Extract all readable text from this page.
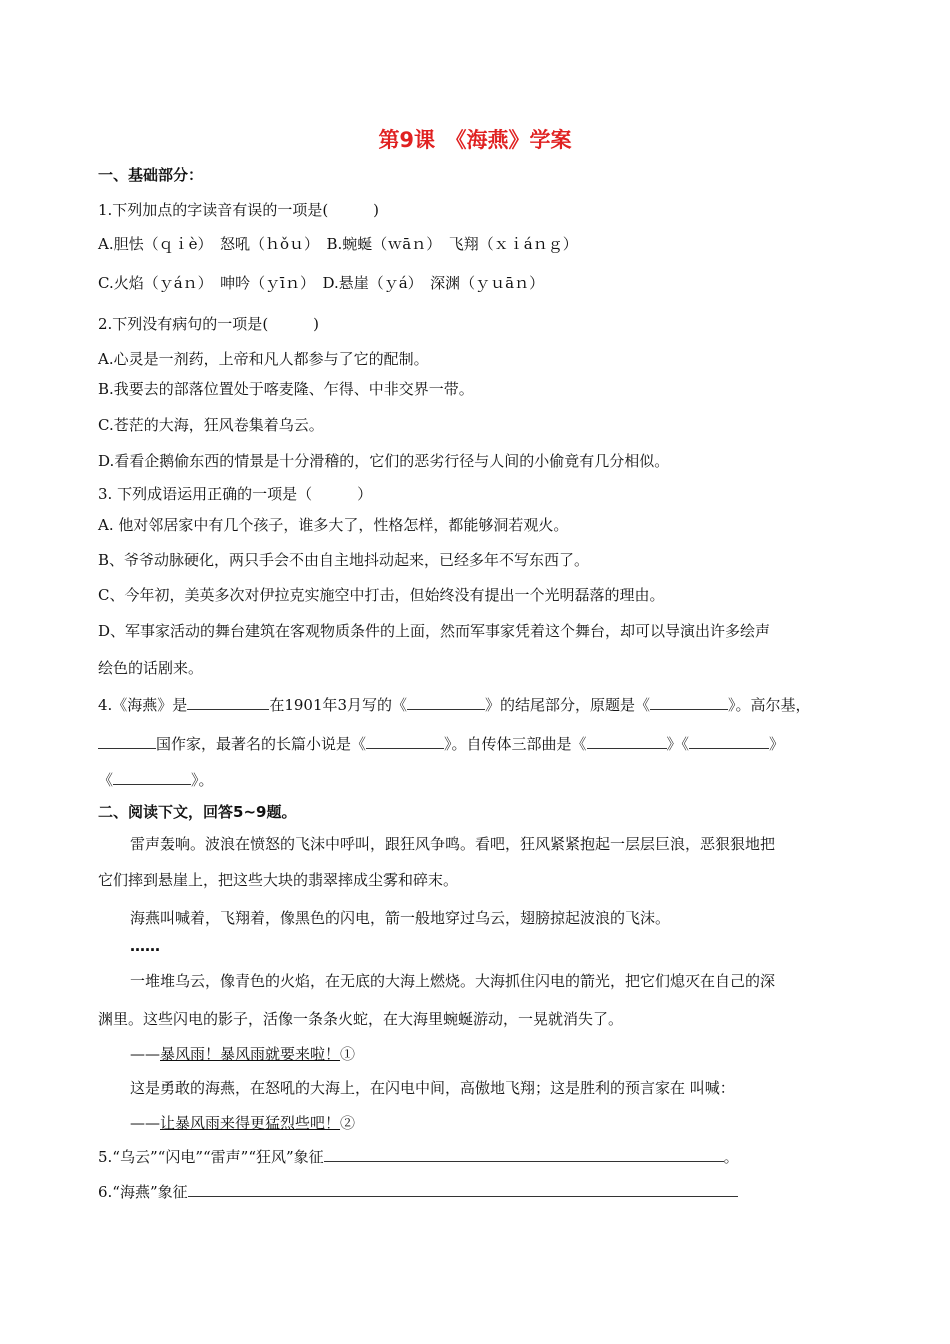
第9课　《海燕》学案
一、基础部分：
1.下列加点的字读音有误的一项是(　　　)
A.胆怯（ｑｉè）　怒吼（ｈǒｕ）　B.蜿蜒（ｗāｎ）　飞翔（ｘｉáｎｇ）
C.火焰（ｙáｎ）　呻吟（ｙīｎ）　D.悬崖（ｙá）　深渊（ｙｕāｎ）
2.下列没有病句的一项是(　　　)
A.心灵是一剂药，上帝和凡人都参与了它的配制。
B.我要去的部落位置处于喀麦隆、乍得、中非交界一带。
C.苍茫的大海，狂风卷集着乌云。
D.看看企鹅偷东西的情景是十分滑稽的，它们的恶劣行径与人间的小偷竟有几分相似。
3. 下列成语运用正确的一项是（　　　）
A. 他对邻居家中有几个孩子，谁多大了，性格怎样，都能够洞若观火。
B、爷爷动脉硬化，两只手会不由自主地抖动起来，已经多年不写东西了。
C、今年初，美英多次对伊拉克实施空中打击，但始终没有提出一个光明磊落的理由。
D、军事家活动的舞台建筑在客观物质条件的上面，然而军事家凭着这个舞台，却可以导演出许多绘声
绘色的话剧来。
4.《海燕》是	在1901年3月写的《	》的结尾部分，原题是《	》。高尔基，
国作家，最著名的长篇小说是《	》。自传体三部曲是《	》《	》
《	》。
二、阅读下文，回答5~9题。
雷声轰响。波浪在愤怒的飞沫中呼叫，跟狂风争鸣。看吧，狂风紧紧抱起一层层巨浪，恶狠狠地把
它们摔到悬崖上，把这些大块的翡翠摔成尘雾和碎末。
海燕叫喊着，飞翔着，像黑色的闪电，箭一般地穿过乌云，翅膀掠起波浪的飞沫。
……
一堆堆乌云，像青色的火焰，在无底的大海上燃烧。大海抓住闪电的箭光，把它们熄灭在自己的深
渊里。这些闪电的影子，活像一条条火蛇，在大海里蜿蜒游动，一晃就消失了。
——暴风雨！暴风雨就要来啦！①
这是勇敢的海燕，在怒吼的大海上，在闪电中间，高傲地飞翔；这是胜利的预言家在 叫喊：
——让暴风雨来得更猛烈些吧！②
5.“乌云”“闪电”“雷声”“狂风”象征	。
6.“海燕”象征
